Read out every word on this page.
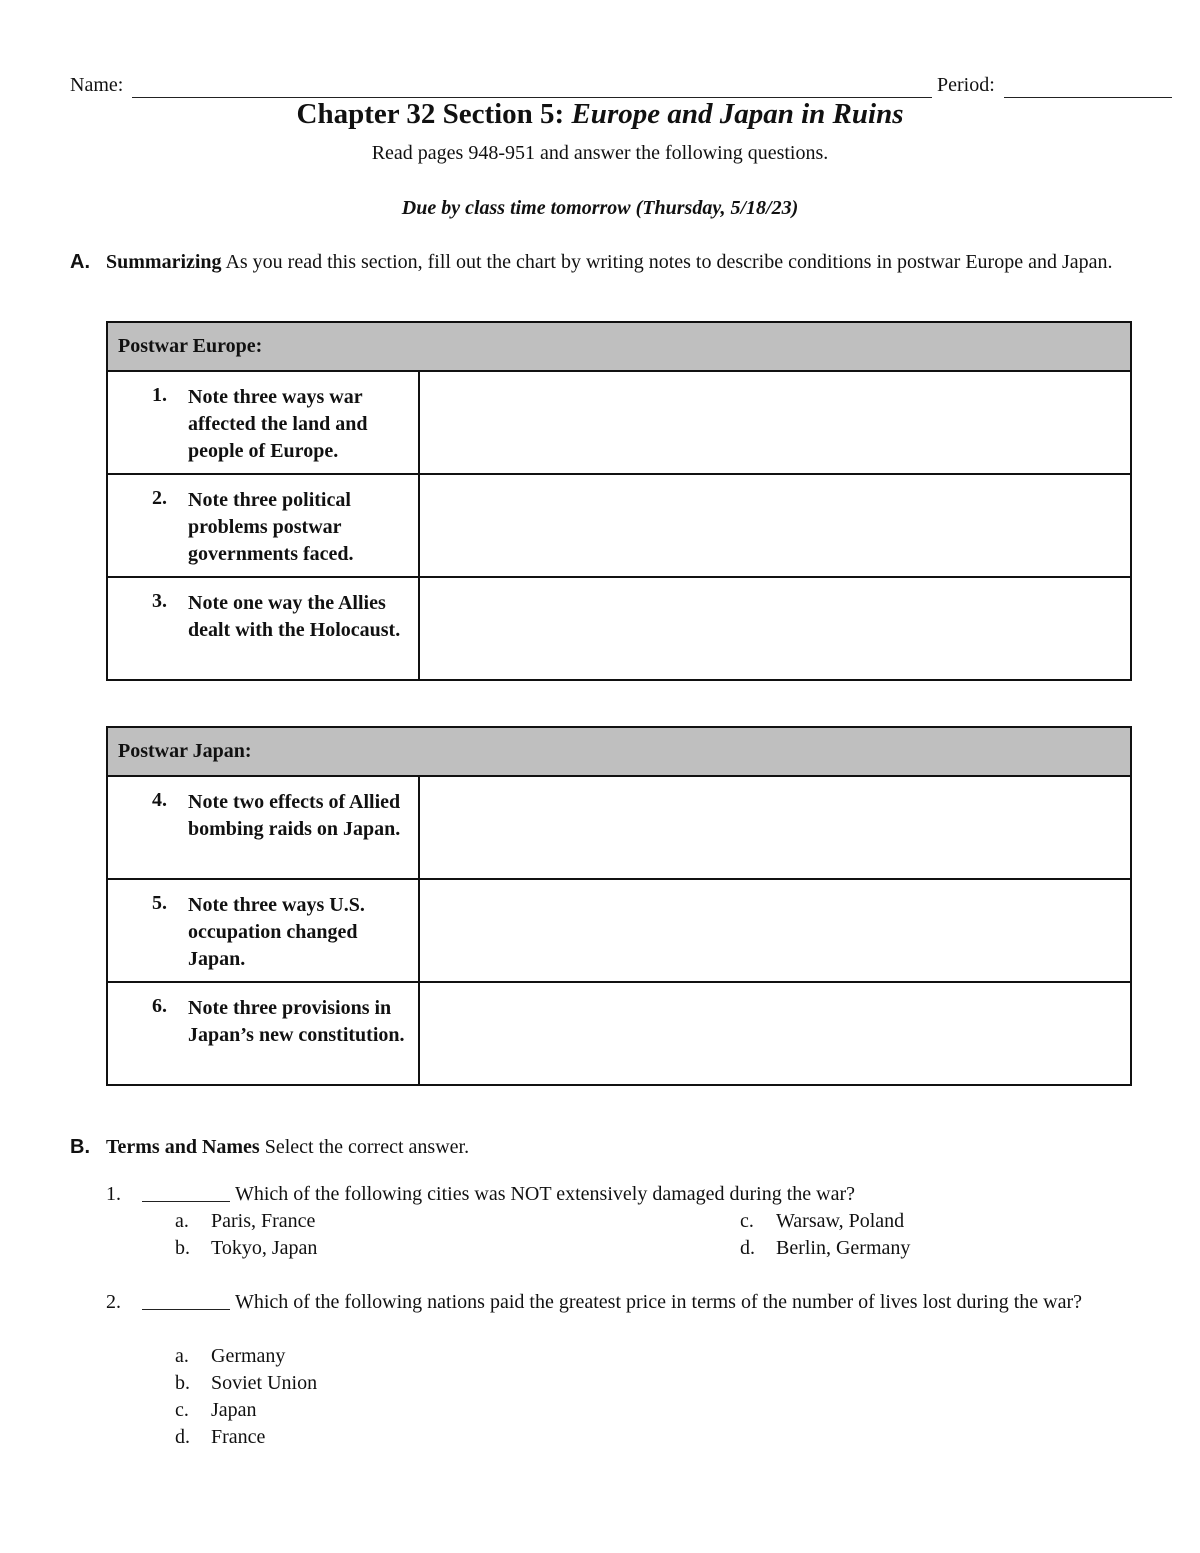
Name:	Period:
Chapter 32 Section 5: Europe and Japan in Ruins
Read pages 948-951 and answer the following questions.
Due by class time tomorrow (Thursday, 5/18/23)
A. Summarizing As you read this section, fill out the chart by writing notes to describe conditions in postwar Europe and Japan.
Postwar Europe:	

1. Note three ways war affected the land and people of Europe.	

2. Note three political problems postwar governments faced.	

3. Note one way the Allies dealt with the Holocaust.	

Postwar Japan:	

4. Note two effects of Allied bombing raids on Japan.	

5. Note three ways U.S. occupation changed Japan.	

6. Note three provisions in Japan’s new constitution.	

B. Terms and Names Select the correct answer.
1.	Which of the following cities was NOT extensively damaged during the war?
a. Paris, France
b. Tokyo, Japan
c. Warsaw, Poland
d. Berlin, Germany
2.	Which of the following nations paid the greatest price in terms of the number of lives lost during the war?
a. Germany
b. Soviet Union
c. Japan
d. France
